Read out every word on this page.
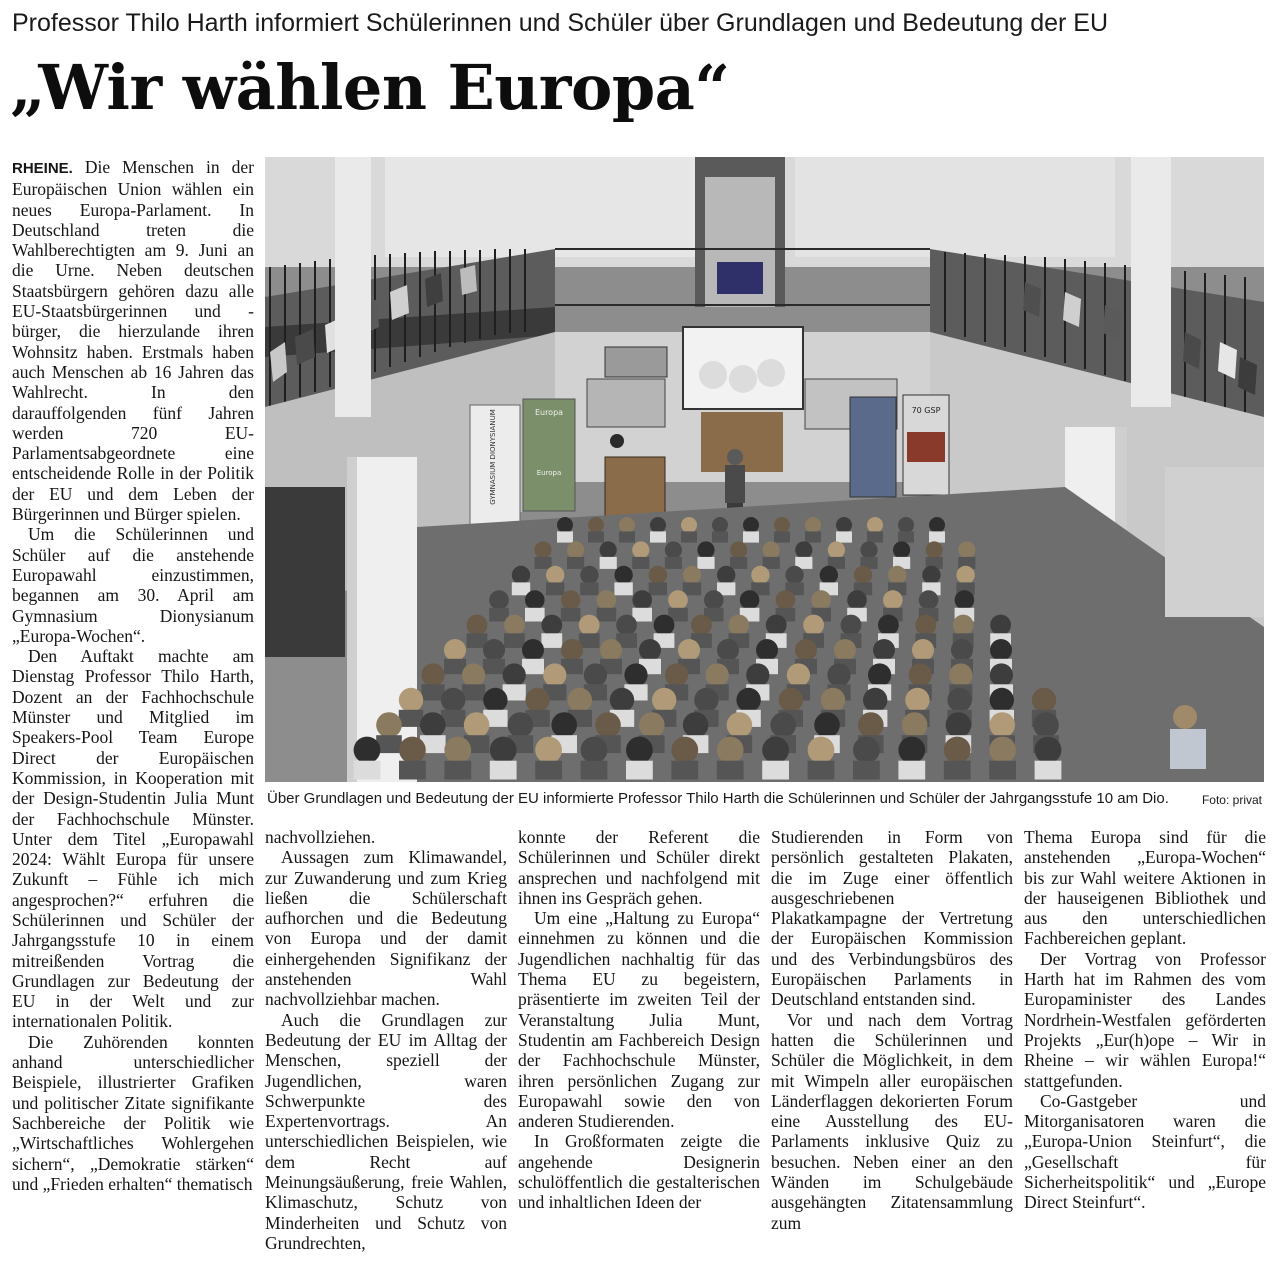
Professor Thilo Harth informiert Schülerinnen und Schüler über Grundlagen und Bedeutung der EU
„Wir wählen Europa“

RHEINE. Die Menschen in der Europäischen Union wählen ein neues Europa-Parlament. In Deutschland treten die Wahlberechtigten am 9. Juni an die Urne. Neben deutschen Staatsbürgern gehören dazu alle EU-Staatsbürgerinnen und -bürger, die hierzulande ihren Wohnsitz haben. Erstmals haben auch Menschen ab 16 Jahren das Wahlrecht. In den darauffolgenden fünf Jahren werden 720 EU-Parlamentsabgeordnete eine entscheidende Rolle in der Politik der EU und dem Leben der Bürgerinnen und Bürger spielen.

Um die Schülerinnen und Schüler auf die anstehende Europawahl einzustimmen, begannen am 30. April am Gymnasium Dionysianum „Europa-Wochen“.

Den Auftakt machte am Dienstag Professor Thilo Harth, Dozent an der Fachhochschule Münster und Mitglied im Speakers-Pool Team Europe Direct der Europäischen Kommission, in Kooperation mit der Design-Studentin Julia Munt der Fachhochschule Münster. Unter dem Titel „Europawahl 2024: Wählt Europa für unsere Zukunft – Fühle ich mich angesprochen?“ erfuhren die Schülerinnen und Schüler der Jahrgangsstufe 10 in einem mitreißenden Vortrag die Grundlagen zur Bedeutung der EU in der Welt und zur internationalen Politik.

Die Zuhörenden konnten anhand unterschiedlicher Beispiele, illustrierter Grafiken und politischer Zitate signifikante Sachbereiche der Politik wie „Wirtschaftliches Wohlergehen sichern“, „Demokratie stärken“ und „Frieden erhalten“ thematisch

GYMNASIUM DIONYSIANUM	Europa
Europa
70 GSP
Über Grundlagen und Bedeutung der EU informierte Professor Thilo Harth die Schülerinnen und Schüler der Jahrgangsstufe 10 am Dio.	Foto: privat

nachvollziehen.

Aussagen zum Klimawandel, zur Zuwanderung und zum Krieg ließen die Schülerschaft aufhorchen und die Bedeutung von Europa und der damit einhergehenden Signifikanz der anstehenden Wahl nachvollziehbar machen.

Auch die Grundlagen zur Bedeutung der EU im Alltag der Menschen, speziell der Jugendlichen, waren Schwerpunkte des Expertenvortrags. An unterschiedlichen Beispielen, wie dem Recht auf Meinungsäußerung, freie Wahlen, Klimaschutz, Schutz von Minderheiten und Schutz von Grundrechten,

konnte der Referent die Schülerinnen und Schüler direkt ansprechen und nachfolgend mit ihnen ins Gespräch gehen.

Um eine „Haltung zu Europa“ einnehmen zu können und die Jugendlichen nachhaltig für das Thema EU zu begeistern, präsentierte im zweiten Teil der Veranstaltung Julia Munt, Studentin am Fachbereich Design der Fachhochschule Münster, ihren persönlichen Zugang zur Europawahl sowie den von anderen Studierenden.

In Großformaten zeigte die angehende Designerin schulöffentlich die gestalterischen und inhaltlichen Ideen der

Studierenden in Form von persönlich gestalteten Plakaten, die im Zuge einer öffentlich ausgeschriebenen Plakatkampagne der Vertretung der Europäischen Kommission und des Verbindungsbüros des Europäischen Parlaments in Deutschland entstanden sind.

Vor und nach dem Vortrag hatten die Schülerinnen und Schüler die Möglichkeit, in dem mit Wimpeln aller europäischen Länderflaggen dekorierten Forum eine Ausstellung des EU-Parlaments inklusive Quiz zu besuchen. Neben einer an den Wänden im Schulgebäude ausgehängten Zitatensammlung zum

Thema Europa sind für die anstehenden „Europa-Wochen“ bis zur Wahl weitere Aktionen in der hauseigenen Bibliothek und aus den unterschiedlichen Fachbereichen geplant.

Der Vortrag von Professor Harth hat im Rahmen des vom Europaminister des Landes Nordrhein-Westfalen geförderten Projekts „Eur(h)ope – Wir in Rheine – wir wählen Europa!“ stattgefunden.

Co-Gastgeber und Mitorganisatoren waren die „Europa-Union Steinfurt“, die „Gesellschaft für Sicherheitspolitik“ und „Europe Direct Steinfurt“.
